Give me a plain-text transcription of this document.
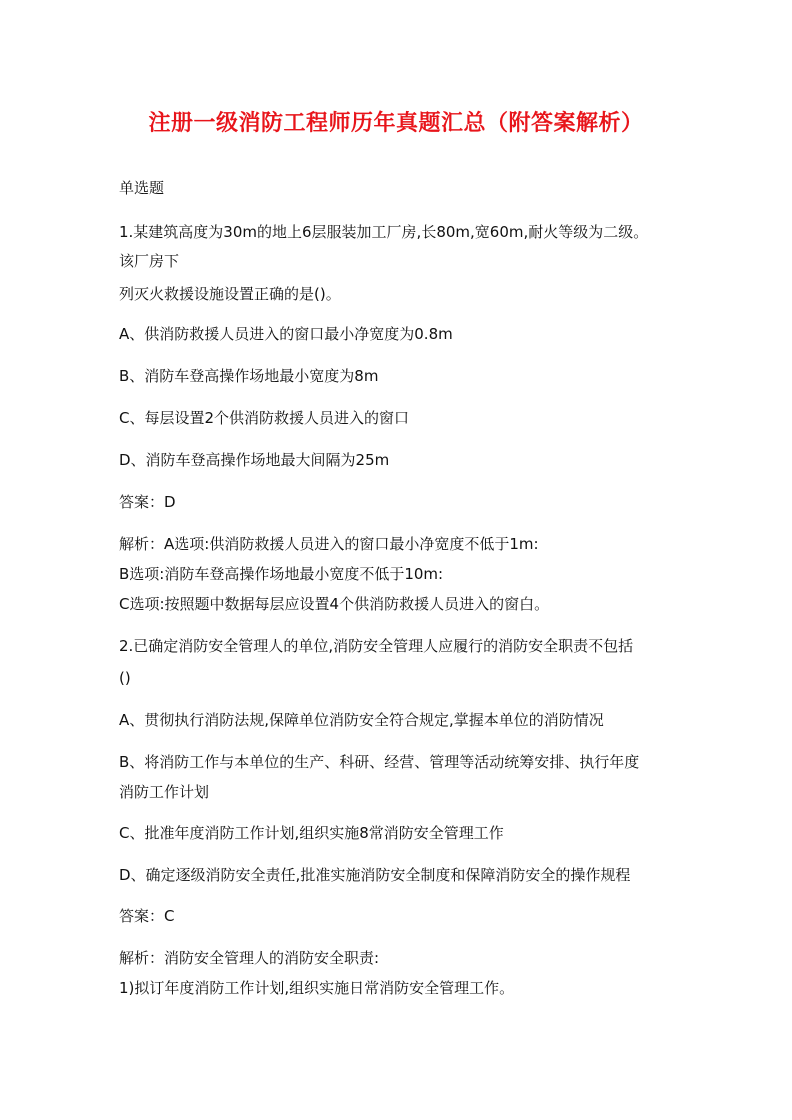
注册一级消防工程师历年真题汇总（附答案解析）
单选题
1.某建筑高度为30m的地上6层服装加工厂房,长80m,宽60m,耐火等级为二级。
该厂房下
列灭火救援设施设置正确的是()。
A、供消防救援人员进入的窗口最小净宽度为0.8m
B、消防车登高操作场地最小宽度为8m
C、每层设置2个供消防救援人员进入的窗口
D、消防车登高操作场地最大间隔为25m
答案：D
解析：A选项:供消防救援人员进入的窗口最小净宽度不低于1m:
B选项:消防车登高操作场地最小宽度不低于10m:
C选项:按照题中数据每层应设置4个供消防救援人员进入的窗白。
2.已确定消防安全管理人的单位,消防安全管理人应履行的消防安全职责不包括
()
A、贯彻执行消防法规,保障单位消防安全符合规定,掌握本单位的消防情况
B、将消防工作与本单位的生产、科研、经营、管理等活动统筹安排、执行年度
消防工作计划
C、批准年度消防工作计划,组织实施8常消防安全管理工作
D、确定逐级消防安全责任,批准实施消防安全制度和保障消防安全的操作规程
答案：C
解析：消防安全管理人的消防安全职责:
1)拟订年度消防工作计划,组织实施日常消防安全管理工作。
